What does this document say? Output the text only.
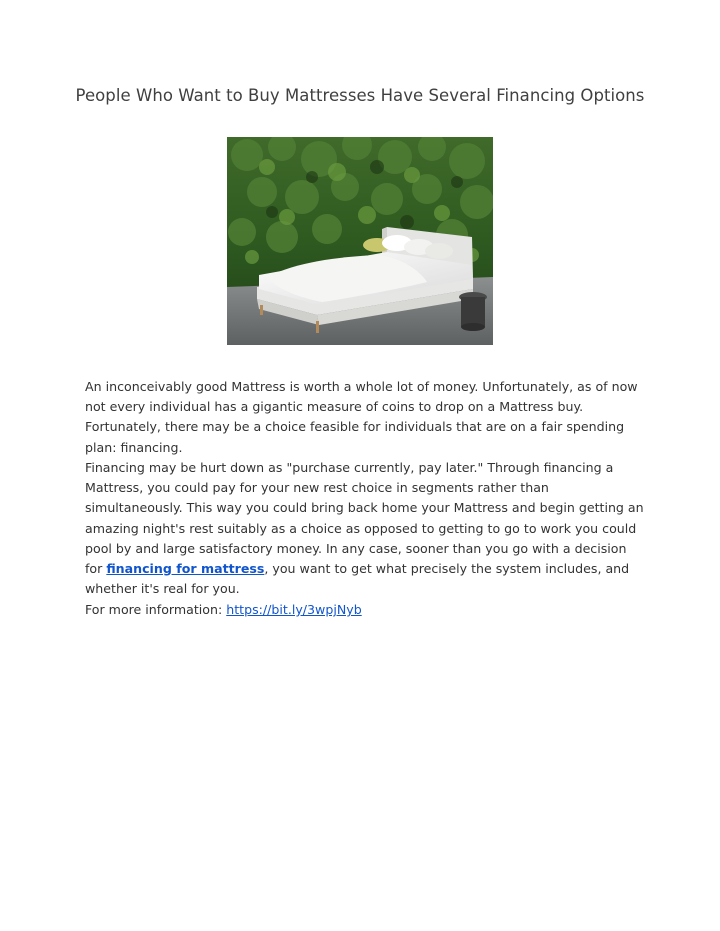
People Who Want to Buy Mattresses Have Several Financing Options

An inconceivably good Mattress is worth a whole lot of money. Unfortunately, as of now not every individual has a gigantic measure of coins to drop on a Mattress buy. Fortunately, there may be a choice feasible for individuals that are on a fair spending plan: financing.

Financing may be hurt down as "purchase currently, pay later." Through financing a Mattress, you could pay for your new rest choice in segments rather than simultaneously. This way you could bring back home your Mattress and begin getting an amazing night's rest suitably as a choice as opposed to getting to go to work you could pool by and large satisfactory money. In any case, sooner than you go with a decision for financing for mattress, you want to get what precisely the system includes, and whether it's real for you.

For more information: https://bit.ly/3wpjNyb
